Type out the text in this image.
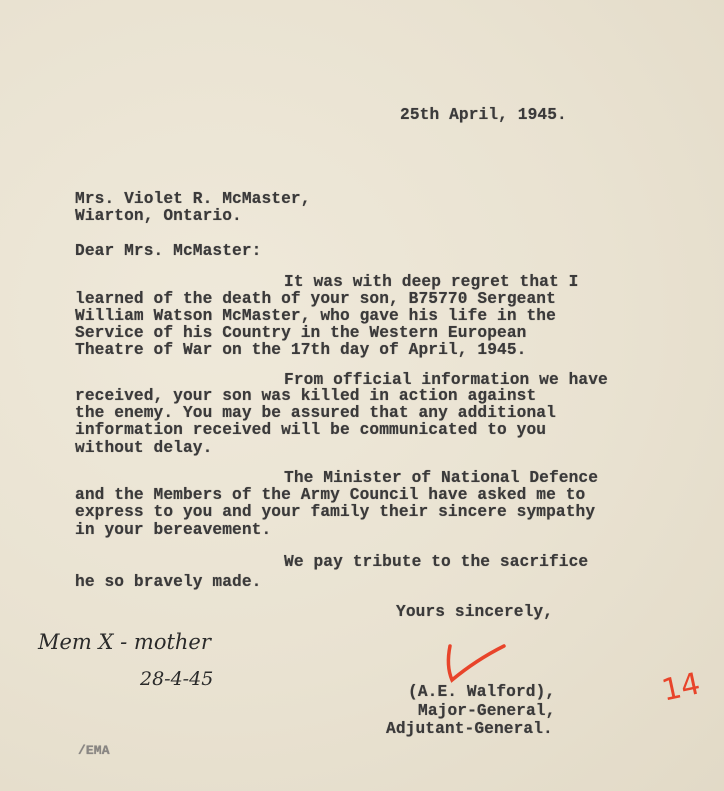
25th April, 1945.
Mrs. Violet R. McMaster,
Wiarton, Ontario.
Dear Mrs. McMaster:
It was with deep regret that I
learned of the death of your son, B75770 Sergeant
William Watson McMaster, who gave his life in the
Service of his Country in the Western European
Theatre of War on the 17th day of April, 1945.
From official information we have
received, your son was killed in action against
the enemy. You may be assured that any additional
information received will be communicated to you
without delay.
The Minister of National Defence
and the Members of the Army Council have asked me to
express to you and your family their sincere sympathy
in your bereavement.
We pay tribute to the sacrifice
he so bravely made.
Yours sincerely,
(A.E. Walford),
Major-General,
Adjutant-General.
/EMA
Mem X - mother
28-4-45	14
